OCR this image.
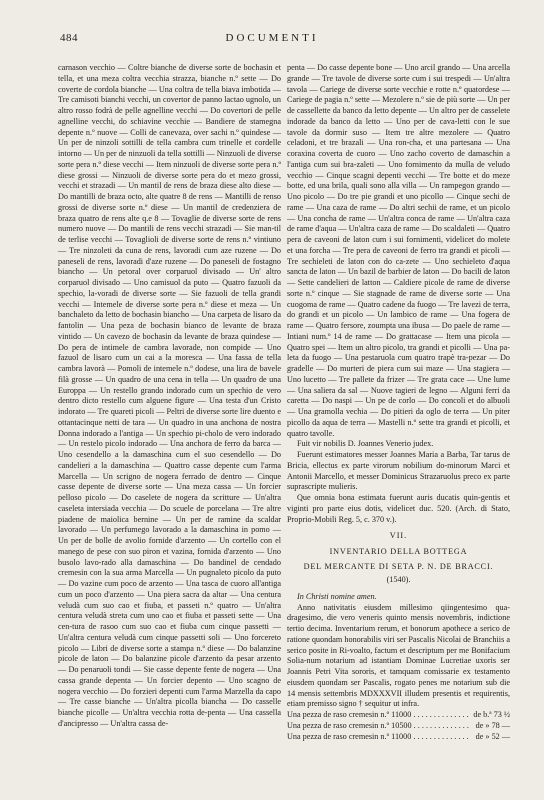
484	DOCUMENTI

carnason vecchio — Coltre bianche de diverse sorte de bochasin et tella, et una meza coltra vecchia strazza, bianche n.º sette — Do coverte de cordola bianche — Una coltra de tella biava imbotida — Tre camisoti bianchi vecchi, un covertor de panno lactao ugnolo, un altro rosso fodrà de pelle agnelline vecchi — Do covertori de pelle agnelline vecchi, do schiavine vecchie — Bandiere de stamegna depente n.º nuove — Colli de canevaza, over sachi n.º quindese — Un per de ninzoli sottilli de tella cambra cum trinelle et cordelle intorno — Un per de ninzuoli da tella sottilli — Ninzuoli de diverse sorte pera n.º diese vecchi — Item ninzuoli de diverse sorte pera n.º diese grossi — Ninzuoli de diverse sorte pera do et mezo grossi, vecchi et strazadi — Un mantil de rens de braza diese alto diese — Do mantilli de braza octo, alte quatre 8 de rens — Mantilli de renso grossi de diverse sorte n.º diese — Un mantil de credenziera de braza quatro de rens alte q.e 8 — Tovaglie de diverse sorte de rens numero nuove — Do mantili de rens vecchi strazadi — Sie man-til de terlise vecchi — Tovaglioli de diverse sorte de rens n.º vintiuno — Tre ninzoleti da cuna de rens, lavoradi cum aze ruzene — Do paneseli de rens, lavoradi d'aze ruzene — Do paneseli de fostagno biancho — Un petoral over corparuol divisado — Un' altro corparuol divisado — Uno camisuol da puto — Quatro fazuoli da spechio, la-voradi de diverse sorte — Sie fazuoli de tella grandi vecchi — Intemele de diverse sorte pera n.º diese et meza — Un banchaleto da letto de bochasin biancho — Una carpeta de lisaro da fantolin — Una peza de bochasin bianco de levante de braza vintido — Un cavezo de bochasin da levante de braza quindese — Do pera de intimele de cambra lavorade, non compide — Uno fazuol de lisaro cum un cai a la moresca — Una fassa de tella cambra lavorà — Pomoli de intemele n.º dodese, una lira de bavele filà grosse — Un quadro de una cena in tella — Un quadro de una Europpa — Un restello grando indorado cum un spechio de vero dentro dicto restello cum alguene figure — Una testa d'un Cristo indorato — Tre quareti picoli — Peltri de diverse sorte lire duento e ottantacinque netti de tara — Un quadro in una anchona de nostra Donna indorado a l'antiga — Un spechio pi-cholo de vero indorado — Un restelo picolo indorado — Una anchora de ferro da barca — Uno cesendello a la damaschina cum el suo cesendello — Do candelieri a la damaschina — Quattro casse depente cum l'arma Marcella — Un scrigno de nogera ferrado de dentro — Cinque casse depente de diverse sorte — Una meza cassa — Un forcier pelloso picolo — Do caselete de nogera da scritture — Un'altra caseleta intersiada vecchia — Do scuele de porcelana — Tre altre piadene de maiolica bernine — Un per de ramine da scaldar lavorado — Un perfumego lavorado a la damaschina in pomo — Un per de bolle de avolio fornide d'arzento — Un cortello con el manego de pese con suo piron et vazina, fornida d'arzento — Uno busolo lavo-rado alla damaschina — Do bandinel de cendado cremesin con la sua arma Marcella — Un pugnaleto picolo da puto — Do vazine cum poco de arzento — Una tasca de cuoro all'antiga cum un poco d'arzento — Una piera sacra da altar — Una centura veludà cum suo cao et fiuba, et passeti n.º quatro — Un'altra centura veludà streta cum uno cao et fiuba et passeti sette — Una cen-tura de rasoo cum suo cao et fiuba cum cinque passetti — Un'altra centura veludà cum cinque passetti soli — Uno forcereto picolo — Libri de diverse sorte a stampa n.º diese — Do balanzine picole de laton — Do balanzine picole d'arzento da pesar arzento — Do penaruoli tondi — Sie casse depente fente de nogera — Una cassa grande depenta — Un forcier depento — Uno scagno de nogera vecchio — Do forzieri depenti cum l'arma Marzella da capo — Tre casse bianche — Un'altra picolla biancha — Do casselle bianche picolle — Un'altra vecchia rotta de-penta — Una cassella d'ancipresso — Un'altra cassa de-

penta — Do casse depente bone — Uno arcil grando — Una arcella grande — Tre tavole de diverse sorte cum i sui trespedi — Un'altra tavola — Cariege de diverse sorte vecchie e rotte n.º quatordese — Cariege de pagia n.º sette — Mezolere n.º sie de più sorte — Un per de cassellette da banco da letto depente — Un altro per de casselete indorade da banco da letto — Uno per de cava-letti con le sue tavole da dormir suso — Item tre altre mezolere — Quatro celadoni, et tre brazali — Una ron-cha, et una partesana — Una coraxina coverta de cuoro — Uno zacho coverto de damaschin a l'antiga cum sui bra-zaleti — Uno fornimento da mulla de veludo vecchio — Cinque scagni depenti vecchi — Tre botte et do meze botte, ed una brila, quali sono alla villa — Un rampegon grando — Uno picolo — Do tre pie grandi et uno picollo — Cinque sechi de rame — Una caza de rame — Do altri sechii de rame, et un picolo — Una concha de rame — Un'altra conca de rame — Un'altra caza de rame d'aqua — Un'altra caza de rame — Do scaldaleti — Quatro pera de caveoni de laton cum i sui fornimenti, videlicet do molete et una forcha — Tre pera de caveoni de ferro tra grandi et picoli — Tre sechieleti de laton con do ca-zete — Uno sechieleto d'aqua sancta de laton — Un bazil de barbier de laton — Do bacili de laton — Sette candelieri de latton — Caldiere picole de rame de diverse sorte n.º cinque — Sie stagnade de rame de diverse sorte — Una cuogoma de rame — Quatro cadene da fuogo — Tre lavezi de terra, do grandi et un picolo — Un lambico de rame — Una fogera de rame — Quatro fersore, zoumpta una ibusa — Do paele de rame — Intiani num.º 14 de rame — Do grattacase — Item una picola — Quatro spei — Item un altro picolo, tra grandi et picolli — Una pa-leta da fuogo — Una pestaruola cum quatro trapè tra-pezar — Do gradelle — Do murteri de piera cum sui maze — Una stagiera — Uno lucetto — Tre pallete da frizer — Tre grata cace — Une lume — Una saliera da sal — Nuove tagieri de legno — Alguni ferri da caretta — Do naspi — Un pe de corlo — Do concoli et do albuoli — Una gramolla vechia — Do pitieri da oglo de terra — Un piter picollo da aqua de terra — Mastelli n.º sette tra grandi et picolli, et quatro tavolle.

Fuit vir nobilis D. Joannes Venerio judex.

Fuerunt estimatores messer Joannes Maria a Barba, Tar tarus de Bricia, ellectus ex parte virorum nobilium do-minorum Marci et Antonii Marcello, et messer Dominicus Strazaruolus preco ex parte suprascripte mulieris.

Que omnia bona estimata fuerunt auris ducatis quin-gentis et viginti pro parte eius dotis, videlicet duc. 520. (Arch. di Stato, Proprio-Mobili Reg. 5, c. 370 v.).

VII.
INVENTARIO DELLA BOTTEGA
DEL MERCANTE DI SETA P. N. DE BRACCI.
(1540).

In Christi nomine amen.

Anno nativitatis eiusdem millesimo qiingentesimo qua-dragesimo, die vero veneris quinto mensis novembris, indictione tertio decima. Inventarium rerum, et bonorum apothece a serico de ratione quondam honorabilis viri ser Pascalis Nicolai de Branchiis a serico posite in Ri-voalto, factum et descriptum per me Bonifacium Solia-num notarium ad istantiam Dominae Lucretiae uxoris ser Joannis Petri Vita sororis, et tamquam comissarie ex testamento eiusdem quondam ser Pascalis, rogato penes me notarium sub die 14 mensis settembris MDXXXVII illudem presentis et requirentis, etiam premisso signo † sequitur ut infra.

Una pezza de raso cremesin n.º 11000 . . . . . . . . . . . . . . de b.ª 73 ½
Una pezza de raso cremesin n.º 10500 . . . . . . . . . . . . . . de » 78 —
Una pezza de raso cremesin n.º 11000 . . . . . . . . . . . . . . de » 52 —
